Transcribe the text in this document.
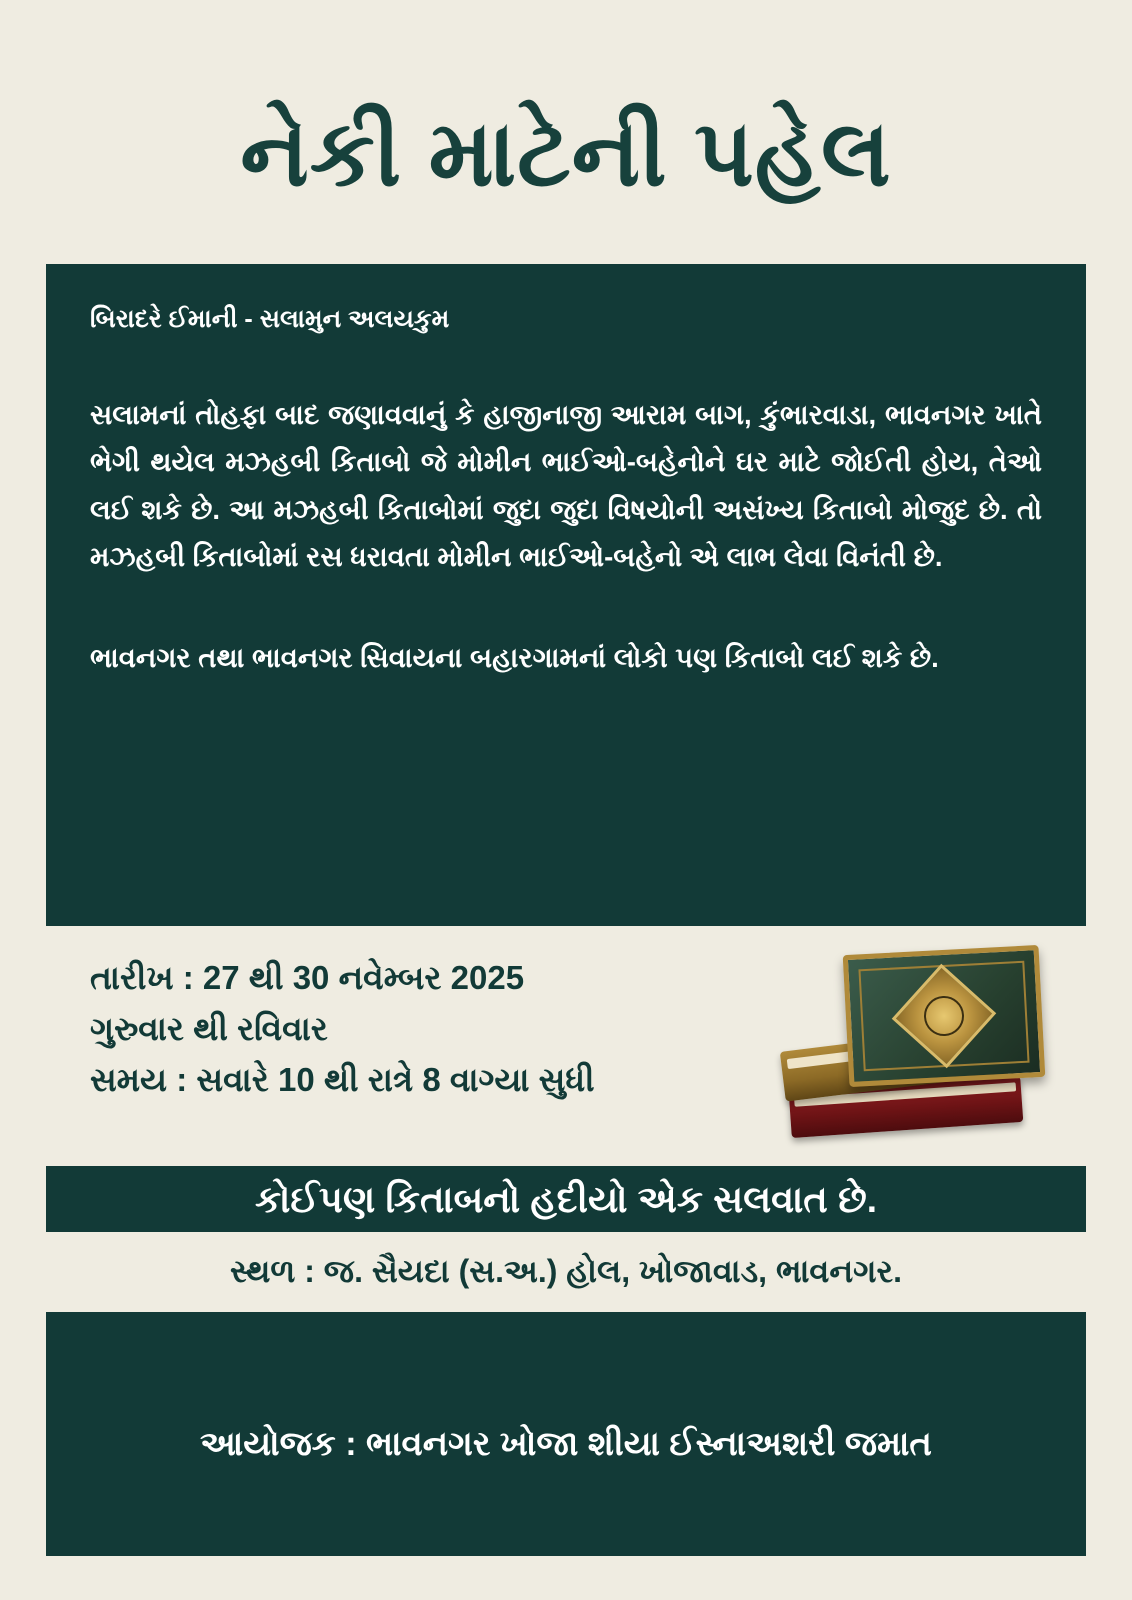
નેકી માટેની પહેલ

બિરાદરે ઈમાની - સલામુન અલયકુમ

સલામનાં તોહફા બાદ જણાવવાનું કે હાજીનાજી આરામ બાગ, કુંભારવાડા, ભાવનગર ખાતે ભેગી થયેલ મઝહબી કિતાબો જે મોમીન ભાઈઓ-બહેનોને ઘર માટે જોઈતી હોય, તેઓ લઈ શકે છે. આ મઝહબી કિતાબોમાં જુદા જુદા વિષયોની અસંખ્ય કિતાબો મોજુદ છે. તો મઝહબી કિતાબોમાં રસ ધરાવતા મોમીન ભાઈઓ-બહેનો એ લાભ લેવા વિનંતી છે.

ભાવનગર તથા ભાવનગર સિવાયના બહારગામનાં લોકો પણ કિતાબો લઈ શકે છે.

તારીખ : 27 થી 30 નવેમ્બર 2025

ગુરુવાર થી રવિવાર

સમય : સવારે 10 થી રાત્રે 8 વાગ્યા સુધી

કોઈપણ કિતાબનો હદીયો એક સલવાત છે.
સ્થળ : જ. સૈયદા (સ.અ.) હોલ, ખોજાવાડ, ભાવનગર.
આયોજક : ભાવનગર ખોજા શીયા ઈસ્નાઅશરી જમાત
